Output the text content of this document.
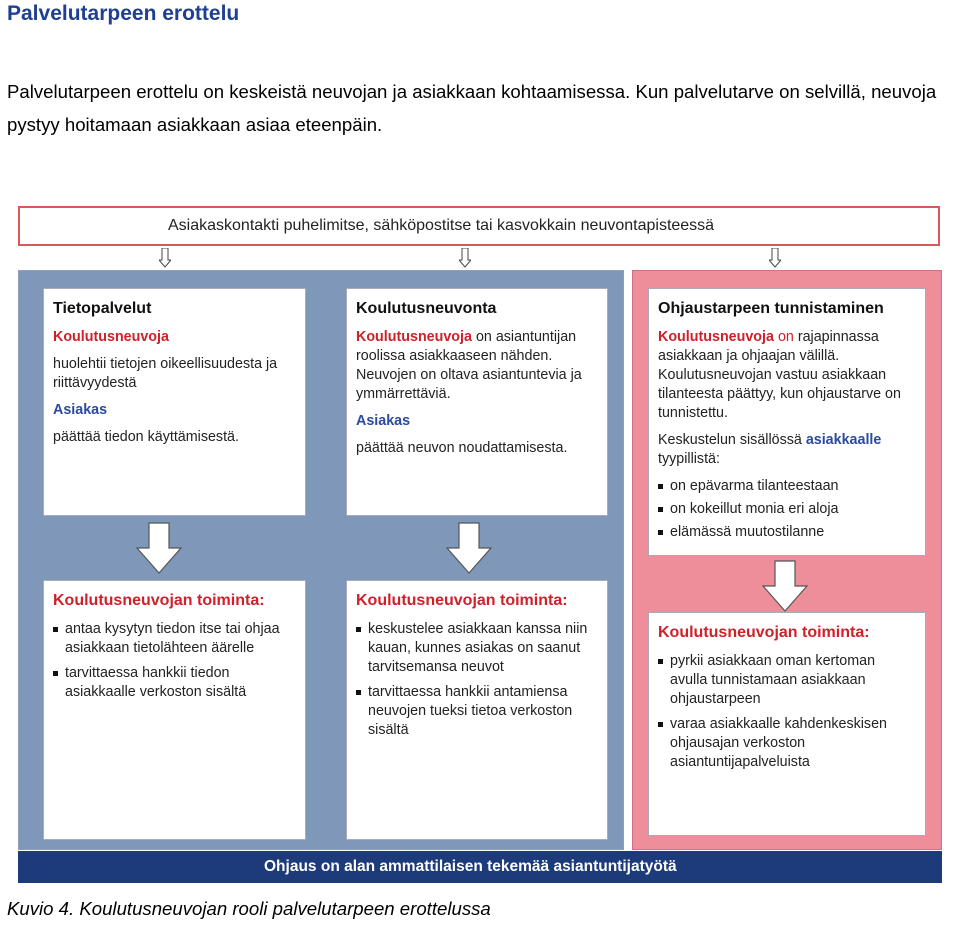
Palvelutarpeen erottelu

Palvelutarpeen erottelu on keskeistä neuvojan ja asiakkaan kohtaamisessa. Kun palvelutarve on selvillä, neuvoja pystyy hoitamaan asiakkaan asiaa eteenpäin.

Asiakaskontakti puhelimitse, sähköpostitse tai kasvokkain neuvontapisteessä
Tietopalvelut

Koulutusneuvoja

huolehtii tietojen oikeellisuudesta ja riittävyydestä

Asiakas

päättää tiedon käyttämisestä.

Koulutusneuvonta

Koulutusneuvoja on asiantuntijan roolissa asiakkaaseen nähden. Neuvojen on oltava asiantuntevia ja ymmärrettäviä.

Asiakas

päättää neuvon noudattamisesta.

Ohjaustarpeen tunnistaminen

Koulutusneuvoja on rajapinnassa asiakkaan ja ohjaajan välillä. Koulutusneuvojan vastuu asiakkaan tilanteesta päättyy, kun ohjaustarve on tunnistettu.

Keskustelun sisällössä asiakkaalle tyypillistä:

on epävarma tilanteestaan
on kokeillut monia eri aloja
elämässä muutostilanne
Koulutusneuvojan toiminta:
antaa kysytyn tiedon itse tai ohjaa asiakkaan tietolähteen äärelle
tarvittaessa hankkii tiedon asiakkaalle verkoston sisältä
Koulutusneuvojan toiminta:
keskustelee asiakkaan kanssa niin kauan, kunnes asiakas on saanut tarvitsemansa neuvot
tarvittaessa hankkii antamiensa neuvojen tueksi tietoa verkoston sisältä
Koulutusneuvojan toiminta:
pyrkii asiakkaan oman kertoman avulla tunnistamaan asiakkaan ohjaustarpeen
varaa asiakkaalle kahdenkeskisen ohjausajan verkoston asiantuntijapalveluista
Ohjaus on alan ammattilaisen tekemää asiantuntijatyötä

Kuvio 4. Koulutusneuvojan rooli palvelutarpeen erottelussa
